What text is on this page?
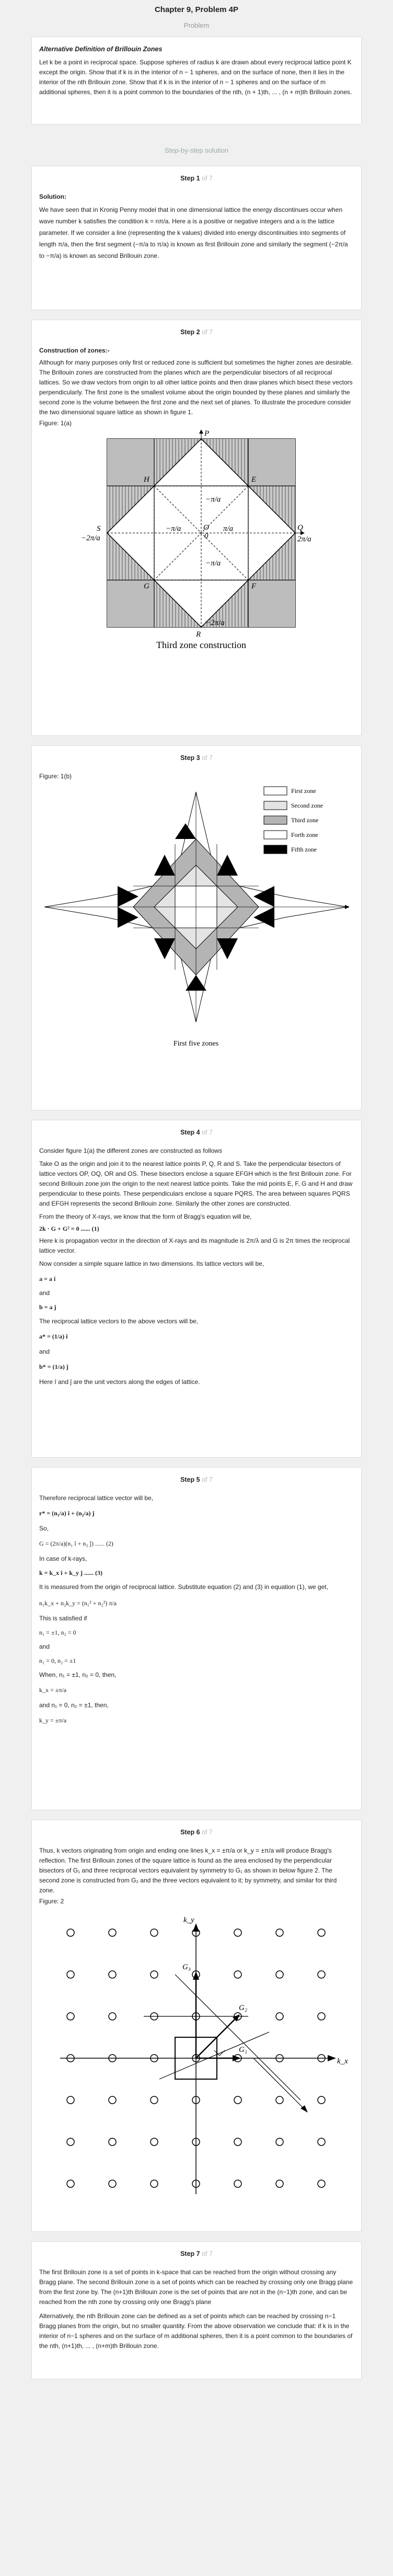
Chapter 9, Problem 4P
Problem
Alternative Definition of Brillouin Zones

Let k be a point in reciprocal space. Suppose spheres of radius k are drawn about every reciprocal lattice point K except the origin. Show that if k is in the interior of n − 1 spheres, and on the surface of none, then it lies in the interior of the nth Brillouin zone. Show that if k is in the interior of n − 1 spheres and on the surface of m additional spheres, then it is a point common to the boundaries of the nth, (n + 1)th, ... , (n + m)th Brillouin zones.

Step-by-step solution
Step 1 of 7
Solution:

We have seen that in Kronig Penny model that in one dimensional lattice the energy discontinues occur when wave number k satisfies the condition k = nπ/a. Here a is a positive or negative integers and a is the lattice parameter. If we consider a line (representing the k values) divided into energy discontinuities into segments of length π/a, then the first segment (−π/a to π/a) is known as first Brillouin zone and similarly the segment (−2π/a to −π/a) is known as second Brillouin zone.

Step 2 of 7
Construction of zones:-

Although for many purposes only first or reduced zone is sufficient but sometimes the higher zones are desirable. The Brillouin zones are constructed from the planes which are the perpendicular bisectors of all reciprocal lattices. So we draw vectors from origin to all other lattice points and then draw planes which bisect these vectors perpendicularly. The first zone is the smallest volume about the origin bounded by these planes and similarly the second zone is the volume between the first zone and the next set of planes. To illustrate the procedure consider the two dimensional square lattice as shown in figure 1.

Figure: 1(a)
P
H	E
S	O	Q
G	F
R
−2π/a	2π/a
−π/a
−π/a	π/a
−π/a
0
−2π/a
Third zone construction
Step 3 of 7
Figure: 1(b)
First zone
Second zone
Third zone
Forth zone
Fifth zone
First five zones
Step 4 of 7

Consider figure 1(a) the different zones are constructed as follows

Take O as the origin and join it to the nearest lattice points P, Q, R and S. Take the perpendicular bisectors of lattice vectors OP, OQ, OR and OS. These bisectors enclose a square EFGH which is the first Brillouin zone. For second Brillouin zone join the origin to the next nearest lattice points. Take the mid points E, F, G and H and draw perpendicular to these points. These perpendiculars enclose a square PQRS. The area between squares PQRS and EFGH represents the second Brillouin zone. Similarly the other zones are constructed.

From the theory of X-rays, we know that the form of Bragg's equation will be,

2k · G + G² = 0 ...... (1)

Here k is propagation vector in the direction of X-rays and its magnitude is 2π/λ and G is 2π times the reciprocal lattice vector.

Now consider a simple square lattice in two dimensions. Its lattice vectors will be,

a = a î
and
b = a ĵ

The reciprocal lattice vectors to the above vectors will be,

a* = (1/a) î
and
b* = (1/a) ĵ

Here î and ĵ are the unit vectors along the edges of lattice.

Step 5 of 7

Therefore reciprocal lattice vector will be,

r* = (n₁/a) î + (n₂/a) ĵ
So,
G = (2π/a)(n₁ î + n₂ ĵ) ...... (2)

In case of k-rays,

k = k_x î + k_y ĵ ...... (3)

It is measured from the origin of reciprocal lattice. Substitute equation (2) and (3) in equation (1), we get,

n₁k_x + n₂k_y = (n₁² + n₂²) π/a

This is satisfied if

n₁ = ±1, n₂ = 0
and
n₁ = 0, n₂ = ±1

When, n₁ = ±1, n₂ = 0, then,

k_x = ±π/a

and n₁ = 0, n₂ = ±1, then,

k_y = ±π/a
Step 6 of 7

Thus, k vectors originating from origin and ending one lines k_x = ±π/a or k_y = ±π/a will produce Bragg's reflection. The first Brillouin zones of the square lattice is found as the area enclosed by the perpendicular bisectors of G₁ and three reciprocal vectors equivalent by symmetry to G₁ as shown in below figure 2. The second zone is constructed from G₂ and the three vectors equivalent to it; by symmetry, and similar for third zone.

Figure: 2
k_y
k_x
G₁
G₂
G₃
Step 7 of 7

The first Brillouin zone is a set of points in k-space that can be reached from the origin without crossing any Bragg plane. The second Brillouin zone is a set of points which can be reached by crossing only one Bragg plane from the first zone by. The (n+1)th Brillouin zone is the set of points that are not in the (n−1)th zone, and can be reached from the nth zone by crossing only one Bragg's plane

Alternatively, the nth Brillouin zone can be defined as a set of points which can be reached by crossing n−1 Bragg planes from the origin, but no smaller quantity. From the above observation we conclude that: if k is in the interior of n−1 spheres and on the surface of m additional spheres, then it is a point common to the boundaries of the nth, (n+1)th, ... , (n+m)th Brillouin zone.
